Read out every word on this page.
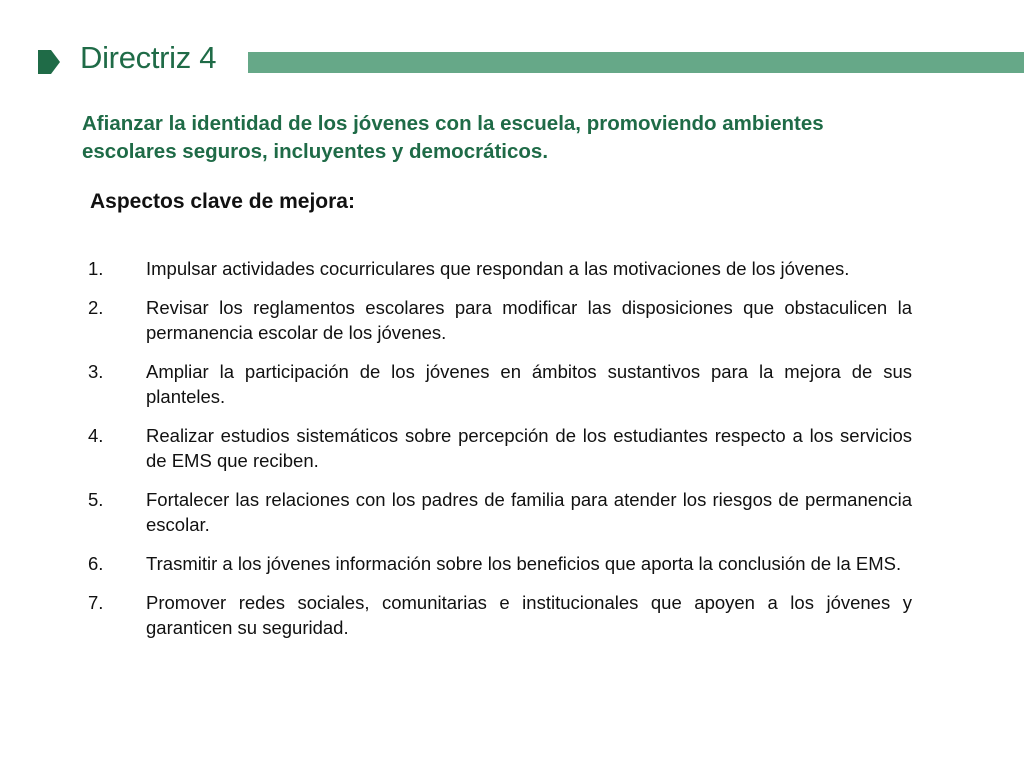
Directriz 4
Afianzar la identidad de los jóvenes con la escuela, promoviendo ambientes escolares seguros, incluyentes y democráticos.
Aspectos clave de mejora:
1.	Impulsar actividades cocurriculares que respondan a las motivaciones de los jóvenes.
2.	Revisar los reglamentos escolares para modificar las disposiciones que obstaculicen la permanencia escolar de los jóvenes.
3.	Ampliar la participación de los jóvenes en ámbitos sustantivos para la mejora de sus planteles.
4.	Realizar estudios sistemáticos sobre percepción de los estudiantes respecto a los servicios de EMS que reciben.
5.	Fortalecer las relaciones con los padres de familia para atender los riesgos de permanencia escolar.
6.	Trasmitir a los jóvenes información sobre los beneficios que aporta la conclusión de la EMS.
7.	Promover redes sociales, comunitarias e institucionales que apoyen a los jóvenes y garanticen su seguridad.
